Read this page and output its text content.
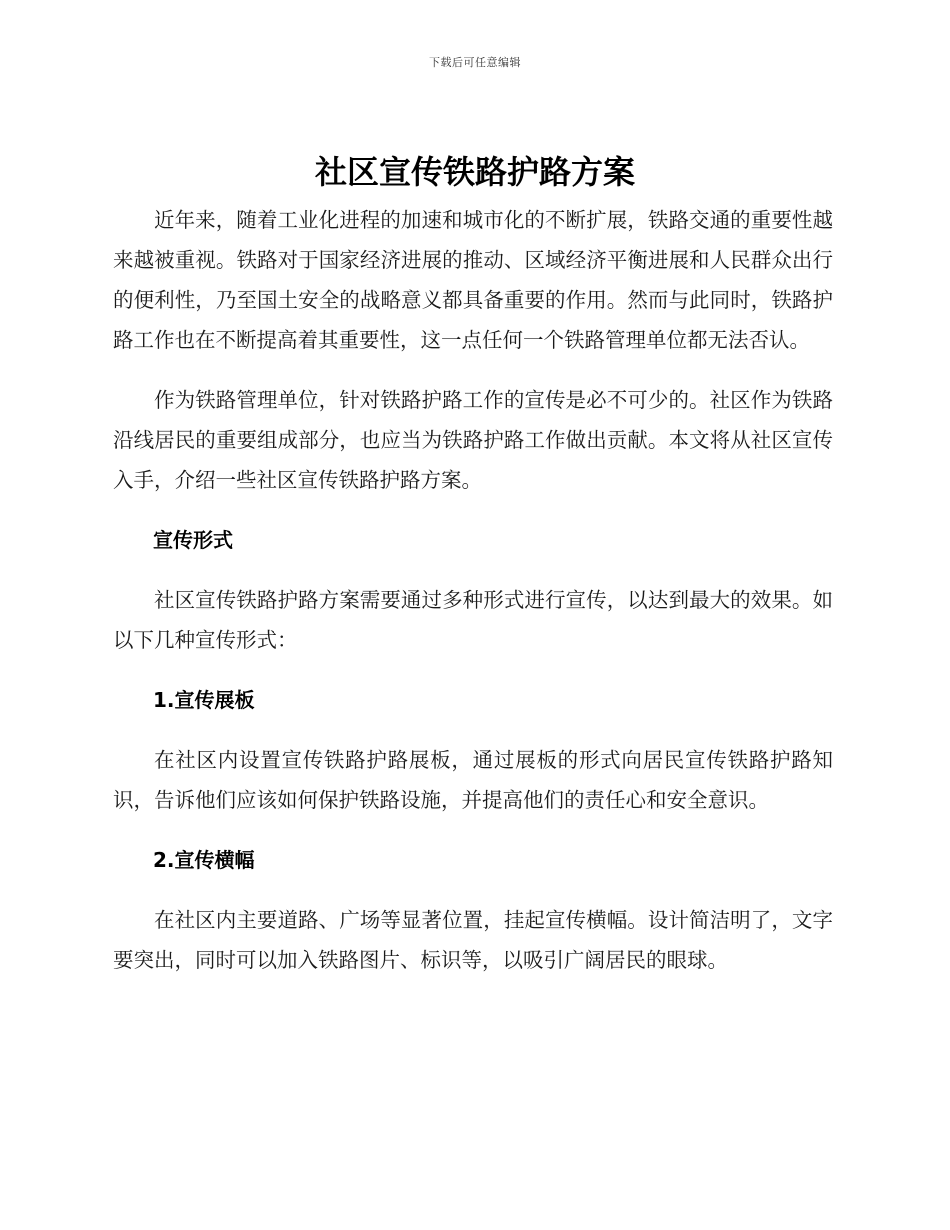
下载后可任意编辑
社区宣传铁路护路方案

近年来，随着工业化进程的加速和城市化的不断扩展，铁路交通的重要性越来越被重视。铁路对于国家经济进展的推动、区域经济平衡进展和人民群众出行的便利性，乃至国土安全的战略意义都具备重要的作用。然而与此同时，铁路护路工作也在不断提高着其重要性，这一点任何一个铁路管理单位都无法否认。

作为铁路管理单位，针对铁路护路工作的宣传是必不可少的。社区作为铁路沿线居民的重要组成部分，也应当为铁路护路工作做出贡献。本文将从社区宣传入手，介绍一些社区宣传铁路护路方案。

宣传形式

社区宣传铁路护路方案需要通过多种形式进行宣传，以达到最大的效果。如以下几种宣传形式：

1.宣传展板

在社区内设置宣传铁路护路展板，通过展板的形式向居民宣传铁路护路知识，告诉他们应该如何保护铁路设施，并提高他们的责任心和安全意识。

2.宣传横幅

在社区内主要道路、广场等显著位置，挂起宣传横幅。设计简洁明了，文字要突出，同时可以加入铁路图片、标识等，以吸引广阔居民的眼球。
